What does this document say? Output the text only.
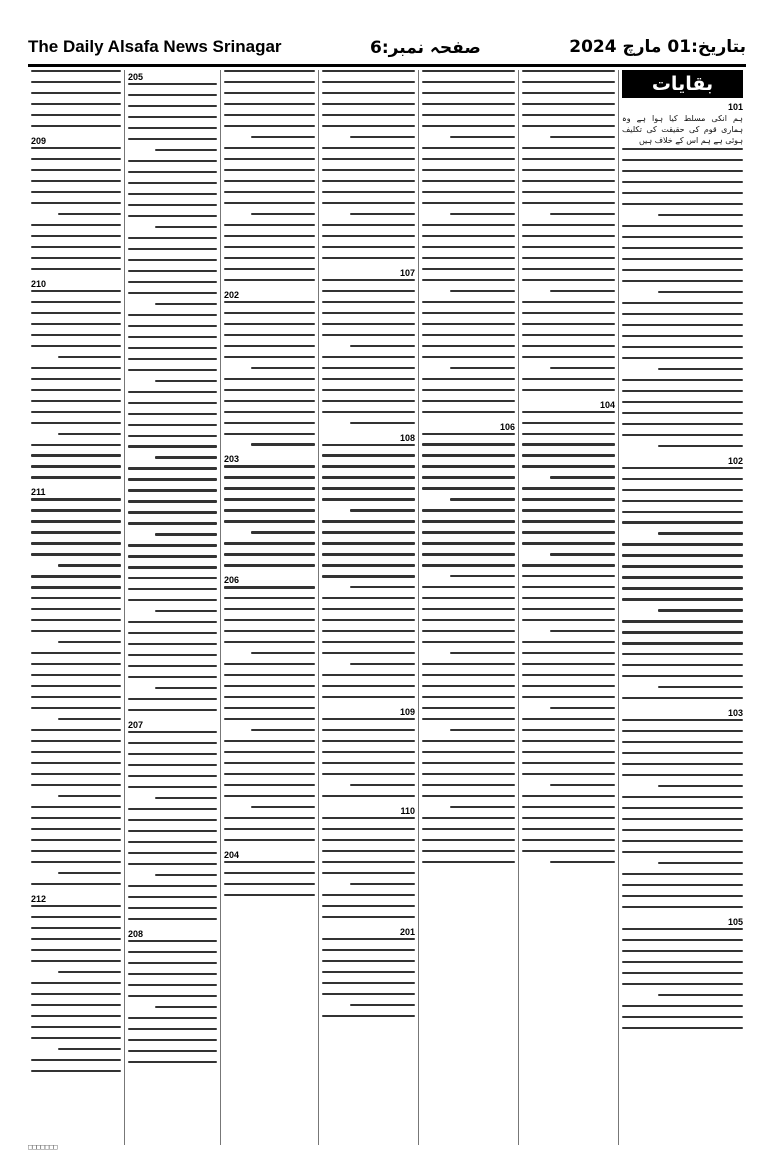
The Daily Alsafa News Srinagar	صفحہ نمبر:6	بتاریخ:01 مارچ 2024
بقایات
101
ہم انکی مسلط کیا ہوا ہے وہ ہماری قوم کی حقیقت کی تکلیف ہوئی ہے ہم اس کے خلاف ہیں
102
103
105
104
106
107
108
109
110
201
202
203
206
204
205
207
208
209
210
211
212
□□□□□□□
